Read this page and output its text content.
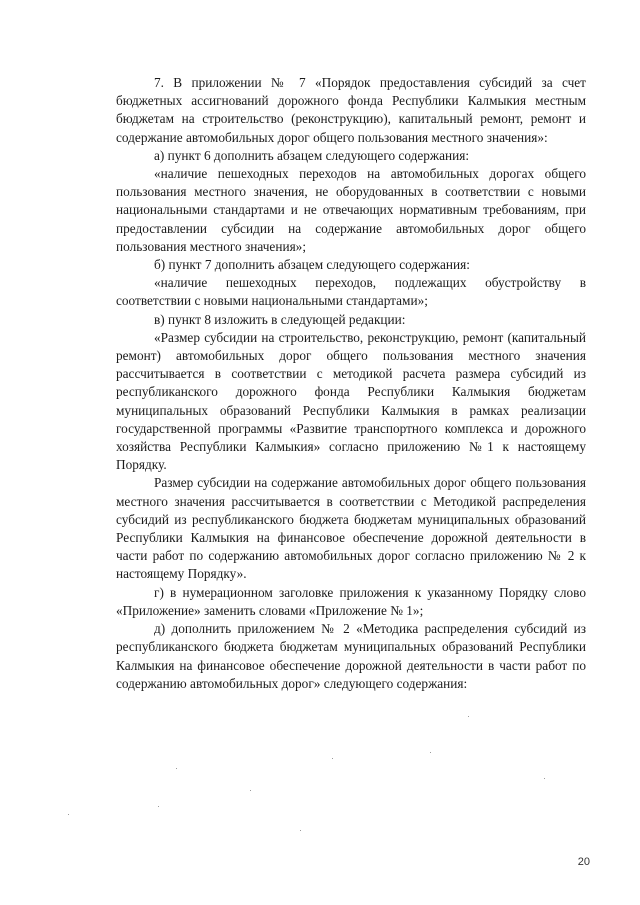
7. В приложении № 7 «Порядок предоставления субсидий за счет бюджетных ассигнований дорожного фонда Республики Калмыкия местным бюджетам на строительство (реконструкцию), капитальный ремонт, ремонт и содержание автомобильных дорог общего пользования местного значения»:

а) пункт 6 дополнить абзацем следующего содержания:

«наличие пешеходных переходов на автомобильных дорогах общего пользования местного значения, не оборудованных в соответствии с новыми национальными стандартами и не отвечающих нормативным требованиям, при предоставлении субсидии на содержание автомобильных дорог общего пользования местного значения»;

б) пункт 7 дополнить абзацем следующего содержания:

«наличие пешеходных переходов, подлежащих обустройству в соответствии с новыми национальными стандартами»;

в) пункт 8 изложить в следующей редакции:

«Размер субсидии на строительство, реконструкцию, ремонт (капитальный ремонт) автомобильных дорог общего пользования местного значения рассчитывается в соответствии с методикой расчета размера субсидий из республиканского дорожного фонда Республики Калмыкия бюджетам муниципальных образований Республики Калмыкия в рамках реализации государственной программы «Развитие транспортного комплекса и дорожного хозяйства Республики Калмыкия» согласно приложению №1 к настоящему Порядку.

Размер субсидии на содержание автомобильных дорог общего пользования местного значения рассчитывается в соответствии с Методикой распределения субсидий из республиканского бюджета бюджетам муниципальных образований Республики Калмыкия на финансовое обеспечение дорожной деятельности в части работ по содержанию автомобильных дорог согласно приложению № 2 к настоящему Порядку».

г) в нумерационном заголовке приложения к указанному Порядку слово «Приложение» заменить словами «Приложение № 1»;

д) дополнить приложением № 2 «Методика распределения субсидий из республиканского бюджета бюджетам муниципальных образований Республики Калмыкия на финансовое обеспечение дорожной деятельности в части работ по содержанию автомобильных дорог» следующего содержания:

20
